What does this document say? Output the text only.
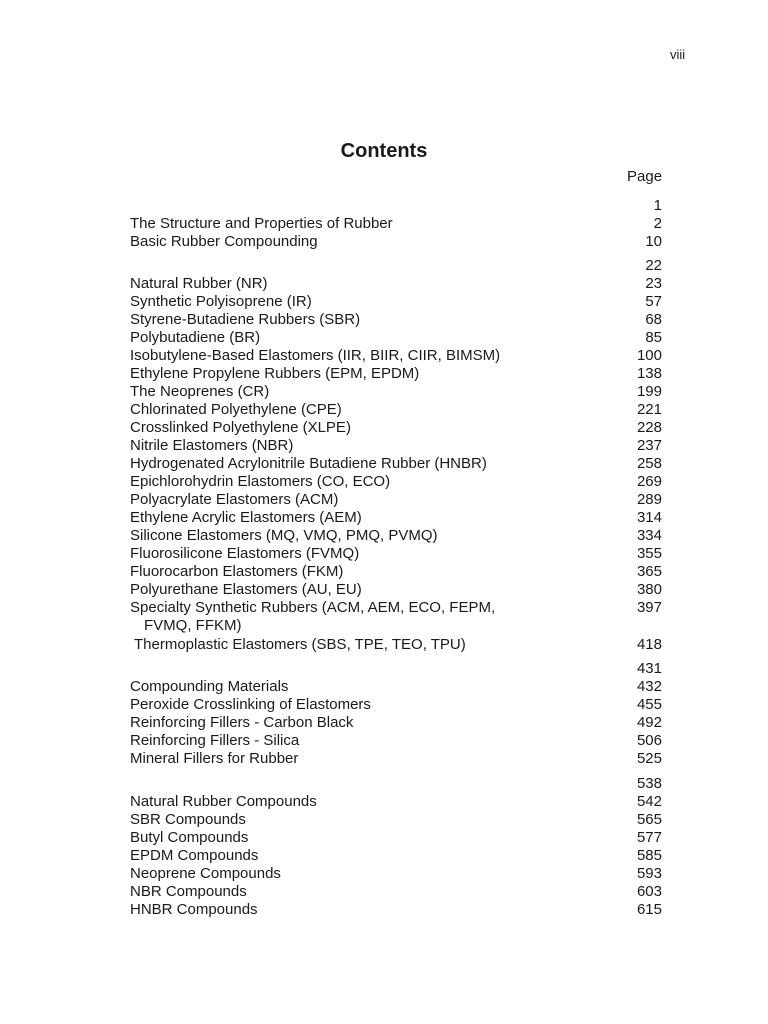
viii
Contents
Page
1
The Structure and Properties of Rubber	2
Basic Rubber Compounding	10
22
Natural Rubber (NR)	23
Synthetic Polyisoprene (IR)	57
Styrene-Butadiene Rubbers (SBR)	68
Polybutadiene (BR)	85
Isobutylene-Based Elastomers (IIR, BIIR, CIIR, BIMSM)	100
Ethylene Propylene Rubbers (EPM, EPDM)	138
The Neoprenes (CR)	199
Chlorinated Polyethylene (CPE)	221
Crosslinked Polyethylene (XLPE)	228
Nitrile Elastomers (NBR)	237
Hydrogenated Acrylonitrile Butadiene Rubber (HNBR)	258
Epichlorohydrin Elastomers (CO, ECO)	269
Polyacrylate Elastomers (ACM)	289
Ethylene Acrylic Elastomers (AEM)	314
Silicone Elastomers (MQ, VMQ, PMQ, PVMQ)	334
Fluorosilicone Elastomers (FVMQ)	355
Fluorocarbon Elastomers (FKM)	365
Polyurethane Elastomers (AU, EU)	380
Specialty Synthetic Rubbers (ACM, AEM, ECO, FEPM,	397
FVMQ, FFKM)
Thermoplastic Elastomers (SBS, TPE, TEO, TPU)	418
431
Compounding Materials	432
Peroxide Crosslinking of Elastomers	455
Reinforcing Fillers - Carbon Black	492
Reinforcing Fillers - Silica	506
Mineral Fillers for Rubber	525
538
Natural Rubber Compounds	542
SBR Compounds	565
Butyl Compounds	577
EPDM Compounds	585
Neoprene Compounds	593
NBR Compounds	603
HNBR Compounds	615
